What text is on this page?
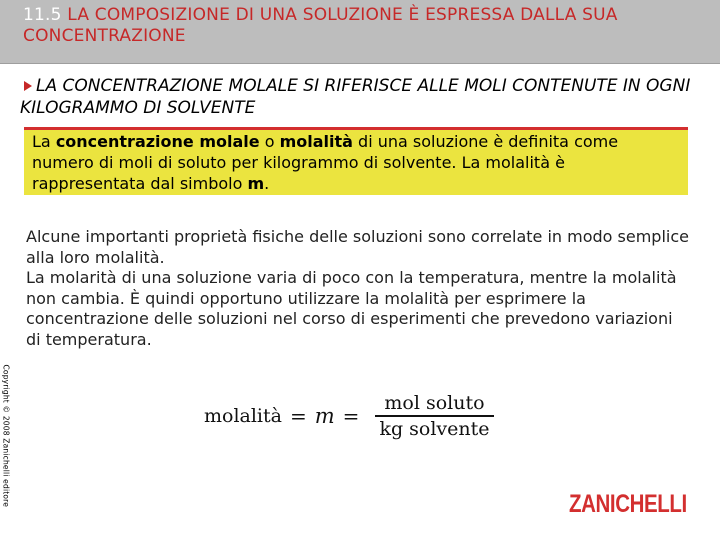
11.5 LA COMPOSIZIONE DI UNA SOLUZIONE È ESPRESSA DALLA SUA CONCENTRAZIONE
LA CONCENTRAZIONE MOLALE SI RIFERISCE ALLE MOLI CONTENUTE IN OGNI KILOGRAMMO DI SOLVENTE
La concentrazione molale o molalità di una soluzione è definita come numero di moli di soluto per kilogrammo di solvente. La molalità è rappresentata dal simbolo m.
Alcune importanti proprietà fisiche delle soluzioni sono correlate in modo semplice alla loro molalità.
La molarità di una soluzione varia di poco con la temperatura, mentre la molalità non cambia. È quindi opportuno utilizzare la molalità per esprimere la concentrazione delle soluzioni nel corso di esperimenti che prevedono variazioni di temperatura.
Copyright © 2008 Zanichelli editore	molalità = $m = \frac{\text{mol soluto}}{\text{kg solvente}}$
ZANICHELLI
